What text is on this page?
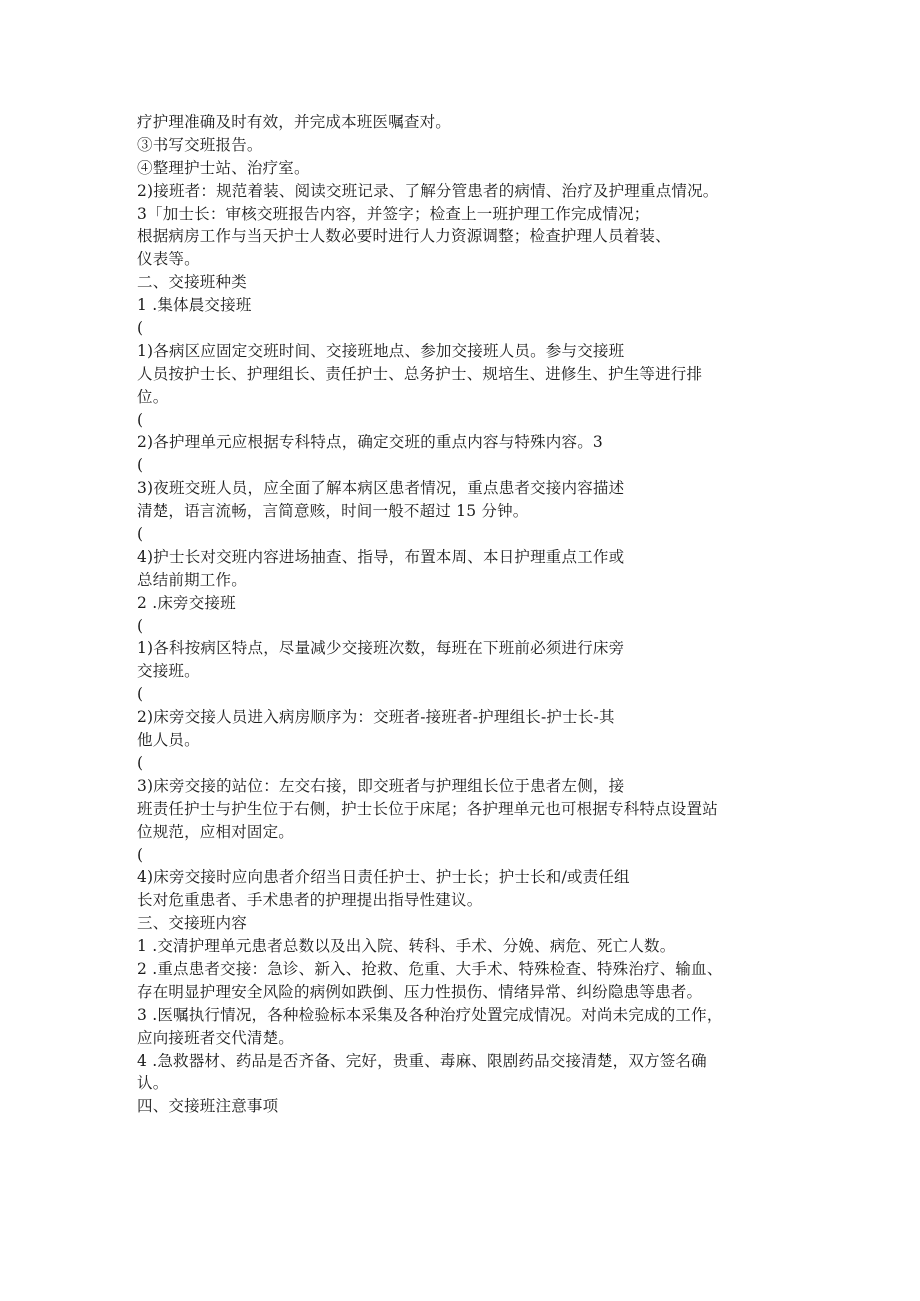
疗护理准确及时有效，并完成本班医嘱查对。
③书写交班报告。
④整理护士站、治疗室。
2)接班者：规范着装、阅读交班记录、了解分管患者的病情、治疗及护理重点情况。
3「加士长：审核交班报告内容，并签字；检查上一班护理工作完成情况；
根据病房工作与当天护士人数必要时进行人力资源调整；检查护理人员着装、
仪表等。
二、交接班种类
1 .集体晨交接班
(
1)各病区应固定交班时间、交接班地点、参加交接班人员。参与交接班
人员按护士长、护理组长、责任护士、总务护士、规培生、进修生、护生等进行排
位。
(
2)各护理单元应根据专科特点，确定交班的重点内容与特殊内容。3
(
3)夜班交班人员，应全面了解本病区患者情况，重点患者交接内容描述
清楚，语言流畅，言简意赅，时间一般不超过 15 分钟。
(
4)护士长对交班内容进场抽查、指导，布置本周、本日护理重点工作或
总结前期工作。
2 .床旁交接班
(
1)各科按病区特点，尽量减少交接班次数，每班在下班前必须进行床旁
交接班。
(
2)床旁交接人员进入病房顺序为：交班者-接班者-护理组长-护士长-其
他人员。
(
3)床旁交接的站位：左交右接，即交班者与护理组长位于患者左侧，接
班责任护士与护生位于右侧，护士长位于床尾；各护理单元也可根据专科特点设置站
位规范，应相对固定。
(
4)床旁交接时应向患者介绍当日责任护士、护士长；护士长和/或责任组
长对危重患者、手术患者的护理提出指导性建议。
三、交接班内容
1 .交清护理单元患者总数以及出入院、转科、手术、分娩、病危、死亡人数。
2 .重点患者交接：急诊、新入、抢救、危重、大手术、特殊检查、特殊治疗、输血、
存在明显护理安全风险的病例如跌倒、压力性损伤、情绪异常、纠纷隐患等患者。
3 .医嘱执行情况，各种检验标本采集及各种治疗处置完成情况。对尚未完成的工作，
应向接班者交代清楚。
4 .急救器材、药品是否齐备、完好，贵重、毒麻、限剧药品交接清楚，双方签名确
认。
四、交接班注意事项
